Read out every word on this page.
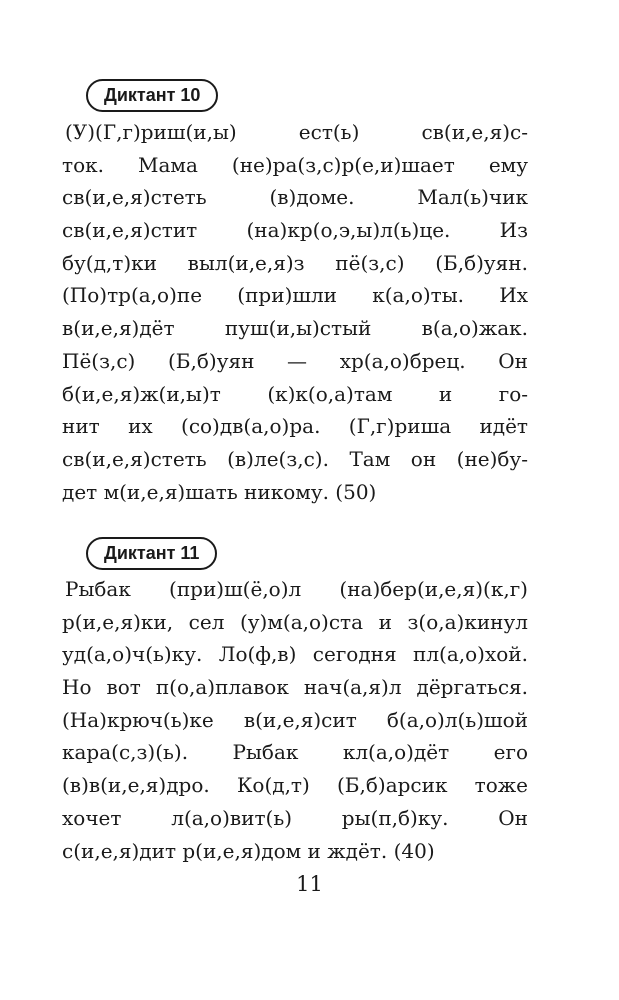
Диктант 10
(У)(Г,г)риш(и,ы) ест(ь) св(и,е,я)с-
ток. Мама (не)ра(з,с)р(е,и)шает ему
св(и,е,я)стеть (в)доме. Мал(ь)чик
св(и,е,я)стит (на)кр(о,э,ы)л(ь)це. Из
бу(д,т)ки выл(и,е,я)з пё(з,с) (Б,б)уян.
(По)тр(а,о)пе (при)шли к(а,о)ты. Их
в(и,е,я)дёт пуш(и,ы)стый в(а,о)жак.
Пё(з,с) (Б,б)уян — хр(а,о)брец. Он
б(и,е,я)ж(и,ы)т (к)к(о,а)там и го-
нит их (со)дв(а,о)ра. (Г,г)риша идёт
св(и,е,я)стеть (в)ле(з,с). Там он (не)бу-
дет м(и,е,я)шать никому. (50)
Диктант 11
Рыбак (при)ш(ё,о)л (на)бер(и,е,я)(к,г)
р(и,е,я)ки, сел (у)м(а,о)ста и з(о,а)кинул
уд(а,о)ч(ь)ку. Ло(ф,в) сегодня пл(а,о)хой.
Но вот п(о,а)плавок нач(а,я)л дёргаться.
(На)крюч(ь)ке в(и,е,я)сит б(а,о)л(ь)шой
кара(с,з)(ь). Рыбак кл(а,о)дёт его
(в)в(и,е,я)дро. Ко(д,т) (Б,б)арсик тоже
хочет л(а,о)вит(ь) ры(п,б)ку. Он
с(и,е,я)дит р(и,е,я)дом и ждёт. (40)
11
